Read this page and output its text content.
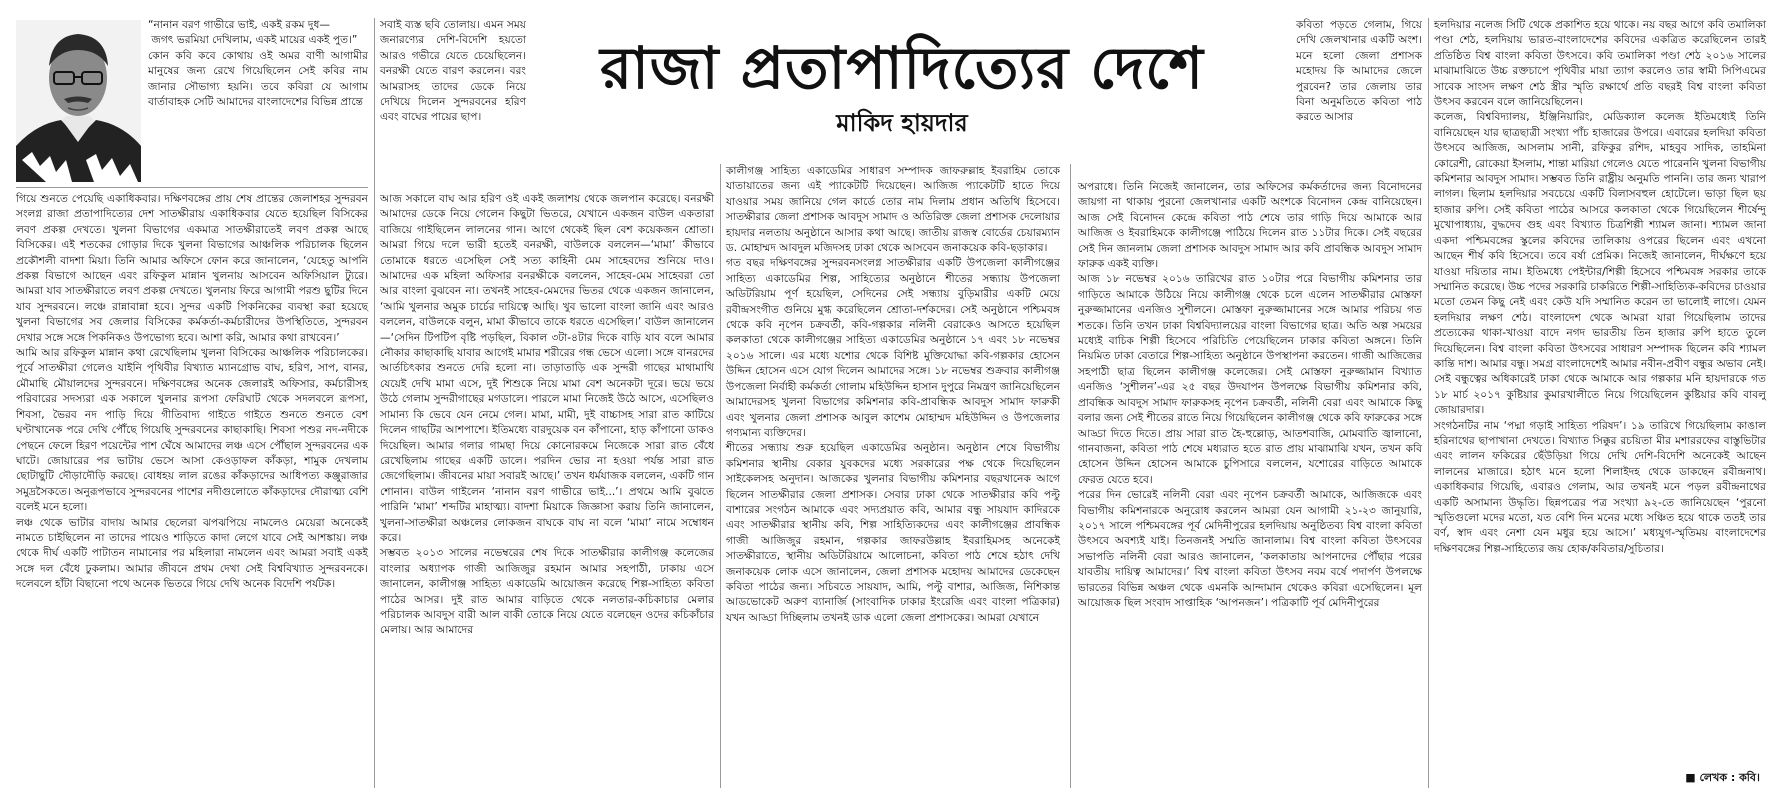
রাজা প্রতাপাদিত্যের দেশে
মাকিদ হায়দার
“নানান বরণ গাভীরে ভাই, একই রকম দুধ—
জগৎ ভরমিয়া দেখিলাম, একই মায়ের একই পুত।”
কোন কবি কবে কোথায় ওই অমর বাণী আগামীর মানুষের জন্য রেখে গিয়েছিলেন সেই কবির নাম জানার সৌভাগ্য হয়নি। তবে কবিরা যে আগাম বার্তাবাহক সেটি আমাদের বাংলাদেশের বিভিন্ন প্রান্তে
সবাই ব্যস্ত ছবি তোলায়। এমন সময় জনারণ্যের দেশি-বিদেশি হয়তো আরও গভীরে যেতে চেয়েছিলেন। বনরক্ষী যেতে বারণ করলেন। বরং আমরাসহ তাদের ডেকে নিয়ে দেখিয়ে দিলেন সুন্দরবনের হরিণ এবং বাঘের পায়ের ছাপ।
কবিতা পড়তে গেলাম, গিয়ে দেখি জেলখানার একটি অংশ। মনে হলো জেলা প্রশাসক মহোদয় কি আমাদের জেলে পুরবেন? তার জেলায় তার বিনা অনুমতিতে কবিতা পাঠ করতে আসার
গিয়ে শুনতে পেয়েছি একাধিকবার। দক্ষিণবঙ্গের প্রায় শেষ প্রান্তের জেলাশহর সুন্দরবন সংলগ্ন রাজা প্রতাপাদিত্যের দেশ সাতক্ষীরায় একাধিকবার যেতে হয়েছিল বিসিকের লবণ প্রকল্প দেখতে। খুলনা বিভাগের একমাত্র সাতক্ষীরাতেই লবণ প্রকল্প আছে বিসিকের। এই শতকের গোড়ার দিকে খুলনা বিভাগের আঞ্চলিক পরিচালক ছিলেন প্রকৌশলী বাদশা মিয়া। তিনি আমার অফিসে ফোন করে জানালেন, ‘যেহেতু আপনি প্রকল্প বিভাগে আছেন এবং রফিকুল মান্নান খুলনায় আসবেন অফিসিয়াল ট্যুরে। আমরা যাব সাতক্ষীরাতে লবণ প্রকল্প দেখতে। খুলনায় ফিরে আগামী পরশু ছুটির দিনে যাব সুন্দরবনে। লঞ্চে রান্নাবান্না হবে। সুন্দর একটি পিকনিকের ব্যবস্থা করা হয়েছে খুলনা বিভাগের সব জেলার বিসিকের কর্মকর্তা-কর্মচারীদের উপস্থিতিতে, সুন্দরবন দেখার সঙ্গে সঙ্গে পিকনিকও উপভোগ্য হবে। আশা করি, আমার কথা রাখবেন।’
আমি আর রফিকুল মান্নান কথা রেখেছিলাম খুলনা বিসিকের আঞ্চলিক পরিচালকের। পূর্বে সাতক্ষীরা গেলেও যাইনি পৃথিবীর বিখ্যাত ম্যানগ্রোভ বাঘ, হরিণ, সাপ, বানর, মৌমাছি মৌয়ালদের সুন্দরবনে। দক্ষিণবঙ্গের অনেক জেলারই অফিসার, কর্মচারীসহ পরিবারের সদস্যরা এক সকালে খুলনার রূপসা ফেরিঘাট থেকে সদলবলে রূপসা, শিবসা, ভৈরব নদ পাড়ি দিয়ে গীতিবাদ্য গাইতে গাইতে শুনতে শুনতে বেশ ঘণ্টাখানেক পরে দেখি পৌঁছে গিয়েছি সুন্দরবনের কাছাকাছি। শিবসা পশুর নদ-নদীকে পেছনে ফেলে হিরণ পয়েন্টের পাশ ঘেঁষে আমাদের লঞ্চ এসে পৌঁছাল সুন্দরবনের এক ঘাটে। জোয়ারের পর ভাটায় ভেসে আসা কেওড়াফল কাঁকড়া, শামুক দেখলাম ছোটাছুটি দৌড়াদৌড়ি করছে। বোধহয় লাল রঙের কাঁকড়াদের আধিপত্য কঞ্জুরাজার সমুদ্রসৈকতে। অনুরূপভাবে সুন্দরবনের পাশের নদীগুলোতে কাঁকড়াদের দৌরাত্ম্য বেশি বলেই মনে হলো।
লঞ্চ থেকে ভাটার বাদায় আমার ছেলেরা ঝপঝপিয়ে নামলেও মেয়েরা অনেকেই নামতে চাইছিলেন না তাদের পায়েও শাড়িতে কাদা লেগে যাবে সেই আশঙ্কায়। লঞ্চ থেকে দীর্ঘ একটি পাটাতন নামানোর পর মহিলারা নামলেন এবং আমরা সবাই একই সঙ্গে দল বেঁধে ঢুকলাম। আমার জীবনে প্রথম দেখা সেই বিশ্ববিখ্যাত সুন্দরবনকে। দলেবলে হাঁটা বিছানো পথে অনেক ভিতরে গিয়ে দেখি অনেক বিদেশি পর্যটক।
আজ সকালে বাঘ আর হরিণ ওই একই জলাশয় থেকে জলপান করেছে। বনরক্ষী আমাদের ডেকে নিয়ে গেলেন কিছুটা ভিতরে, যেখানে একজন বাউল একতারা বাজিয়ে গাইছিলেন লালনের গান। আগে থেকেই ছিল বেশ কয়েকজন শ্রোতা। আমরা গিয়ে দলে ভারী হতেই বনরক্ষী, বাউলকে বললেন—‘মামা’ কীভাবে তোমাকে ধরতে এসেছিল সেই সত্য কাহিনী মেম সাহেবদের শুনিয়ে দাও। আমাদের এক মহিলা অফিসার বনরক্ষীকে বললেন, সাহেব-মেম সাহেবরা তো আর বাংলা বুঝবেন না। তখনই সাহেব-মেমদের ভিতর থেকে একজন জানালেন, ‘আমি খুলনার অমুক চার্চের দায়িত্বে আছি। খুব ভালো বাংলা জানি এবং আরও বললেন, বাউলকে বলুন, মামা কীভাবে তাকে ধরতে এসেছিল।’ বাউল জানালেন—‘সেদিন টিপটিপ বৃষ্টি পড়ছিল, বিকাল ৩টা-৪টার দিকে বাড়ি যাব বলে আমার নৌকার কাছাকাছি যাবার আগেই মামার শরীরের গন্ধ ভেসে এলো। সঙ্গে বানরদের আর্তচিৎকার শুনতে দেরি হলো না। তাড়াতাড়ি এক সুন্দরী গাছের মাথামাথি যেয়েই দেখি মামা এসে, দুই শিশুকে নিয়ে মামা বেশ অনেকটা দূরে। ভয়ে ভয়ে উঠে গেলাম সুন্দরীগাছের মগডালে। পারলে মামা নিজেই উঠে আসে, এসেছিলও সামান্য কি ভেবে যেন নেমে গেল। মামা, মামী, দুই বাচ্চাসহ সারা রাত কাটিয়ে দিলেন গাছটির আশপাশে। ইতিমধ্যে বারদুয়েক বন কাঁপানো, হাড় কাঁপানো ডাকও দিয়েছিল। আমার গলার গামছা দিয়ে কোনোরকমে নিজেকে সারা রাত বেঁধে রেখেছিলাম গাছের একটি ডালে। পরদিন ভোর না হওয়া পর্যন্ত সারা রাত জেগেছিলাম। জীবনের মায়া সবারই আছে।’ তখন ধর্মযাজক বললেন, একটি গান শোনান। বাউল গাইলেন ‘নানান বরণ গাভীরে ভাই...’। প্রথমে আমি বুঝতে পারিনি ‘মামা’ শব্দটির মাহাত্ম্য। বাদশা মিয়াকে জিজ্ঞাসা করায় তিনি জানালেন, খুলনা-সাতক্ষীরা অঞ্চলের লোকজন বাঘকে বাঘ না বলে ‘মামা’ নামে সম্বোধন করে।
সম্ভবত ২০১৩ সালের নভেম্বরের শেষ দিকে সাতক্ষীরার কালীগঞ্জ কলেজের বাংলার অধ্যাপক গাজী আজিজুর রহমান আমার সহপাঠী, ঢাকায় এসে জানালেন, কালীগঞ্জ সাহিত্য একাডেমি আয়োজন করেছে শিল্প-সাহিত্য কবিতা পাঠের আসর। দুই রাত আমার বাড়িতে থেকে নলতার-কচিকাচার মেলার পরিচালক আবদুস বারী আল বাকী তোকে নিয়ে যেতে বলেছেন ওদের কচিকাঁচার মেলায়। আর আমাদের
কালীগঞ্জ সাহিত্য একাডেমির সাধারণ সম্পাদক জাফরুল্লাহ ইবরাহিম তোকে যাতায়াতের জন্য এই প্যাকেটটি দিয়েছেন। আজিজ প্যাকেটটি হাতে দিয়ে যাওয়ার সময় জানিয়ে গেল কার্ডে তোর নাম দিলাম প্রধান অতিথি হিসেবে। সাতক্ষীরার জেলা প্রশাসক আবদুস সামাদ ও অতিরিক্ত জেলা প্রশাসক দেলোয়ার হায়দার নলতায় অনুষ্ঠানে আসার কথা আছে। জাতীয় রাজস্ব বোর্ডের চেয়ারম্যান ড. মোহাম্মদ আবদুল মজিদসহ ঢাকা থেকে আসবেন জনাকয়েক কবি-ছড়াকার।
গত বছর দক্ষিণবঙ্গের সুন্দরবনসংলগ্ন সাতক্ষীরার একটি উপজেলা কালীগঞ্জের সাহিত্য একাডেমির শিল্প, সাহিত্যের অনুষ্ঠানে শীতের সন্ধ্যায় উপজেলা অডিটরিয়াম পূর্ণ হয়েছিল, সেদিনের সেই সন্ধ্যায় বুড়িমারীর একটি মেয়ে রবীন্দ্রসংগীত গুনিয়ে মুগ্ধ করেছিলেন শ্রোতা-দর্শকদের। সেই অনুষ্ঠানে পশ্চিমবঙ্গ থেকে কবি নৃপেন চক্রবর্তী, কবি-গল্পকার নলিনী বেরাকেও আসতে হয়েছিল কলকাতা থেকে কালীগঞ্জের সাহিত্য একাডেমির অনুষ্ঠানে ১৭ এবং ১৮ নভেম্বর ২০১৬ সালে। এর মধ্যে যশোর থেকে বিশিষ্ট মুক্তিযোদ্ধা কবি-গল্পকার হোসেন উদ্দিন হোসেন এসে যোগ দিলেন আমাদের সঙ্গে। ১৮ নভেম্বর শুক্রবার কালীগঞ্জ উপজেলা নির্বাহী কর্মকর্তা গোলাম মহিউদ্দিন হাসান দুপুরে নিমন্ত্রণ জানিয়েছিলেন আমাদেরসহ খুলনা বিভাগের কমিশনার কবি-প্রাবন্ধিক আবদুস সামাদ ফারুকী এবং খুলনার জেলা প্রশাসক আবুল কাশেম মোহাম্মদ মহিউদ্দিন ও উপজেলার গণ্যমান্য ব্যক্তিদের।
শীতের সন্ধ্যায় শুরু হয়েছিল একাডেমির অনুষ্ঠান। অনুষ্ঠান শেষে বিভাগীয় কমিশনার স্থানীয় বেকার যুবকদের মধ্যে সরকারের পক্ষ থেকে দিয়েছিলেন সাইকেলসহ অনুদান। আজকের খুলনার বিভাগীয় কমিশনার বছরখানেক আগে ছিলেন সাতক্ষীরার জেলা প্রশাসক। সেবার ঢাকা থেকে সাতক্ষীরার কবি পল্টু বাশারের সংগঠন আমাকে এবং সদ্যপ্রয়াত কবি, আমার বন্ধু সায়যাদ কাদিরকে এবং সাতক্ষীরার স্থানীয় কবি, শিল্প সাহিত্যিকদের এবং কালীগঞ্জের প্রাবন্ধিক গাজী আজিজুর রহমান, গল্পকার জাফরউল্লাহ ইবরাহিমসহ অনেকেই সাতক্ষীরাতে, স্থানীয় অডিটরিয়ামে আলোচনা, কবিতা পাঠ শেষে হঠাৎ দেখি জনাকয়েক লোক এসে জানালেন, জেলা প্রশাসক মহোদয় আমাদের ডেকেছেন কবিতা পাঠের জন্য। সচিবতে সায়যাদ, আমি, পল্টু বাশার, আজিজ, নিশিকান্ত আডভোকেট অরুণ ব্যানার্জি (সাংবাদিক ঢাকার ইংরেজি এবং বাংলা পত্রিকার) যখন আড্ডা দিচ্ছিলাম তখনই ডাক এলো জেলা প্রশাসকের। আমরা যেখানে
অপরাধে। তিনি নিজেই জানালেন, তার অফিসের কর্মকর্তাদের জন্য বিনোদনের জায়গা না থাকায় পুরনো জেলখানার একটি অংশকে বিনোদন কেন্দ্র বানিয়েছেন। আজ সেই বিনোদন কেন্দ্রে কবিতা পাঠ শেষে তার গাড়ি দিয়ে আমাকে আর আজিজ ও ইবরাহিমকে কালীগঞ্জে পাঠিয়ে দিলেন রাত ১১টার দিকে। সেই বছরের সেই দিন জানলাম জেলা প্রশাসক আবদুস সামাদ আর কবি প্রাবন্ধিক আবদুস সামাদ ফারুক একই ব্যক্তি।
আজ ১৮ নভেম্বর ২০১৬ তারিখের রাত ১০টার পরে বিভাগীয় কমিশনার তার গাড়িতে আমাকে উঠিয়ে নিয়ে কালীগঞ্জ থেকে চলে এলেন সাতক্ষীরার মোস্তফা নুরুজ্জামানের এনজিও সুশীলনে। মোস্তফা নুরুজ্জামানের সঙ্গে আমার পরিচয় গত শতকে। তিনি তখন ঢাকা বিশ্ববিদ্যালয়ের বাংলা বিভাগের ছাত্র। অতি অল্প সময়ের মধ্যেই বাচিক শিল্পী হিসেবে পরিচিতি পেয়েছিলেন ঢাকার কবিতা অঙ্গনে। তিনি নিয়মিত ঢাকা বেতারে শিল্প-সাহিত্য অনুষ্ঠানে উপস্থাপনা করতেন। গাজী আজিজের সহপাঠী ছাত্র ছিলেন কালীগঞ্জ কলেজের। সেই মোস্তফা নুরুজ্জামান বিখ্যাত এনজিও ‘সুশীলন’-এর ২৫ বছর উদযাপন উপলক্ষে বিভাগীয় কমিশনার কবি, প্রাবন্ধিক আবদুস সামাদ ফারুকসহ নৃপেন চক্রবর্তী, নলিনী বেরা এবং আমাকে কিছু বলার জন্য সেই শীতের রাতে নিয়ে গিয়েছিলেন কালীগঞ্জ থেকে কবি ফারুকের সঙ্গে আড্ডা দিতে দিতে। প্রায় সারা রাত হৈ-হুল্লোড়, আতশবাজি, মোমবাতি জ্বালানো, গানবাজনা, কবিতা পাঠ শেষে মধ্যরাত হতে রাত প্রায় মাঝামাঝি যখন, তখন কবি হোসেন উদ্দিন হোসেন আমাকে চুপিসারে বললেন, যশোরের বাড়িতে আমাকে ফেরত যেতে হবে।
পরের দিন ভোরেই নলিনী বেরা এবং নৃপেন চক্রবর্তী আমাকে, আজিজকে এবং বিভাগীয় কমিশনারকে অনুরোধ করলেন আমরা যেন আগামী ২১-২৩ জানুয়ারি, ২০১৭ সালে পশ্চিমবঙ্গের পূর্ব মেদিনীপুরের হলদিয়ায় অনুষ্ঠিতব্য বিশ্ব বাংলা কবিতা উৎসবে অবশ্যই যাই। তিনজনই সম্মতি জানালাম। বিশ্ব বাংলা কবিতা উৎসবের সভাপতি নলিনী বেরা আরও জানালেন, ‘কলকাতায় আপনাদের পৌঁছার পরের যাবতীয় দায়িত্ব আমাদের।’ বিশ্ব বাংলা কবিতা উৎসব নবম বর্ষে পদার্পণ উপলক্ষে ভারতের বিভিন্ন অঞ্চল থেকে এমনকি আন্দামান থেকেও কবিরা এসেছিলেন। মূল আয়োজক ছিল সংবাদ সাপ্তাহিক ‘আপনজন’। পত্রিকাটি পূর্ব মেদিনীপুরের
হলদিয়ার নলেজ সিটি থেকে প্রকাশিত হয়ে থাকে। নয় বছর আগে কবি তমালিকা পণ্ডা শেঠ, হলদিয়ায় ভারত-বাংলাদেশের কবিদের একত্রিত করেছিলেন তারই প্রতিষ্ঠিত বিশ্ব বাংলা কবিতা উৎসবে। কবি তমালিকা পণ্ডা শেঠ ২০১৬ সালের মাঝামাঝিতে উচ্চ রক্তচাপে পৃথিবীর মায়া ত্যাগ করলেও তার স্বামী সিপিএমের সাবেক সাংসদ লক্ষণ শেঠ স্ত্রীর স্মৃতি রক্ষার্থে প্রতি বছরই বিশ্ব বাংলা কবিতা উৎসব করবেন বলে জানিয়েছিলেন।
কলেজ, বিশ্ববিদ্যালয়, ইঞ্জিনিয়ারিং, মেডিক্যাল কলেজ ইতিমধ্যেই তিনি বানিয়েছেন যার ছাত্রছাত্রী সংখ্যা পাঁচ হাজারের উপরে। এবারের হলদিয়া কবিতা উৎসবে আজিজ, আসলাম সানী, রফিকুর রশিদ, মাহবুব সাদিক, তাহমিনা কোরেশী, রোকেয়া ইসলাম, শান্তা মারিয়া গেলেও যেতে পারেননি খুলনা বিভাগীয় কমিশনার আবদুস সামাদ। সম্ভবত তিনি রাষ্ট্রীয় অনুমতি পাননি। তার জন্য খারাপ লাগল। ছিলাম হলদিয়ার সবচেয়ে একটি বিলাসবহুল হোটেলে। ভাড়া ছিল ছয় হাজার রুপি। সেই কবিতা পাঠের আসরে কলকাতা থেকে গিয়েছিলেন শীর্ষেন্দু মুখোপাধ্যায়, বুদ্ধদেব গুহ এবং বিখ্যাত চিত্রশিল্পী শ্যামল জানা। শ্যামল জানা একদা পশ্চিমবঙ্গের স্কুলের কবিদের তালিকায় ওপরের ছিলেন এবং এখনো আছেন শীর্ষ কবি হিসেবে। তবে বর্ষা প্রেমিক। নিজেই জানালেন, দীর্ঘক্ষণে হয়ে যাওয়া দয়িতার নাম। ইতিমধ্যে পেইন্টার/শিল্পী হিসেবে পশ্চিমবঙ্গ সরকার তাকে সম্মানিত করেছে। উচ্চ পদের সরকারি চাকরিতে শিল্পী-সাহিত্যিক-কবিদের চাওয়ার মতো তেমন কিছু নেই এবং কেউ যদি সম্মানিত করেন তা ভালোই লাগে। যেমন হলদিয়ার লক্ষণ শেঠ। বাংলাদেশ থেকে আমরা যারা গিয়েছিলাম তাদের প্রত্যেকের থাকা-খাওয়া বাদে নগদ ভারতীয় তিন হাজার রুপি হাতে তুলে দিয়েছিলেন। বিশ্ব বাংলা কবিতা উৎসবের সাধারণ সম্পাদক ছিলেন কবি শ্যামল কান্তি দাশ। আমার বন্ধু। সমগ্র বাংলাদেশেই আমার নবীন-প্রবীণ বন্ধুর অভাব নেই। সেই বন্ধুত্বের অধিকারেই ঢাকা থেকে আমাকে আর গল্পকার মনি হায়দারকে গত ১৮ মার্চ ২০১৭ কুষ্টিয়ার কুমারখালীতে নিয়ে গিয়েছিলেন কুষ্টিয়ার কবি বাবলু জোয়ারদার।
সংগঠনটির নাম ‘পদ্মা গড়াই সাহিত্য পরিষদ’। ১৯ তারিখে গিয়েছিলাম কাঙাল হরিনাথের ছাপাখানা দেখতে। বিখ্যাত সিক্কুর রচয়িতা মীর মশাররফের বাস্তুভিটার এবং লালন ফকিরের ছেঁউড়িয়া গিয়ে দেখি দেশি-বিদেশি অনেকেই আছেন লালনের মাজারে। হঠাৎ মনে হলো শিলাইদহ থেকে ডাকছেন রবীন্দ্রনাথ। একাধিকবার গিয়েছি, এবারও গেলাম, আর তখনই মনে পড়ল রবীন্দ্রনাথের একটি অসামান্য উদ্ধৃতি। ছিন্নপত্রের পত্র সংখ্যা ৯২-তে জানিয়েছেন ‘পুরনো স্মৃতিগুলো মদের মতো, যত বেশি দিন মনের মধ্যে সঞ্চিত হয়ে থাকে ততই তার বর্ণ, স্বাদ এবং নেশা যেন মধুর হয়ে আসে।’ মধ্যযুগ-স্মৃতিময় বাংলাদেশের দক্ষিণবঙ্গের শিল্প-সাহিত্যের জয় হোক/কবিতার/সুচিতার।
■ লেখক : কবি।
